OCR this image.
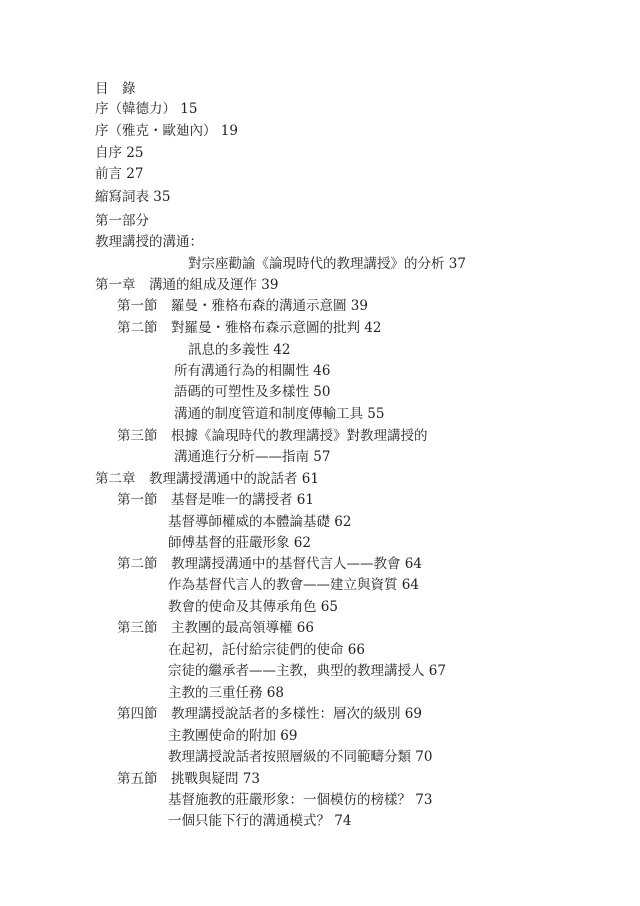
目　錄
序（韓德力） 15
序（雅克・歐廸內） 19
自序 25
前言 27
縮寫詞表 35
第一部分
教理講授的溝通：
對宗座勸諭《論現時代的教理講授》的分析 37
第一章　溝通的組成及運作 39
第一節　羅曼・雅格布森的溝通示意圖 39
第二節　對羅曼・雅格布森示意圖的批判 42
訊息的多義性 42
所有溝通行為的相關性 46
語碼的可塑性及多樣性 50
溝通的制度管道和制度傳輸工具 55
第三節　根據《論現時代的教理講授》對教理講授的
溝通進行分析——指南 57
第二章　教理講授溝通中的說話者 61
第一節　基督是唯一的講授者 61
基督導師權威的本體論基礎 62
師傅基督的莊嚴形象 62
第二節　教理講授溝通中的基督代言人——教會 64
作為基督代言人的教會——建立與資質 64
教會的使命及其傳承角色 65
第三節　主教團的最高領導權 66
在起初，託付給宗徒們的使命 66
宗徒的繼承者——主教，典型的教理講授人 67
主教的三重任務 68
第四節　教理講授說話者的多樣性：層次的級別 69
主教團使命的附加 69
教理講授說話者按照層級的不同範疇分類 70
第五節　挑戰與疑問 73
基督施教的莊嚴形象：一個模仿的榜樣？ 73
一個只能下行的溝通模式？ 74
